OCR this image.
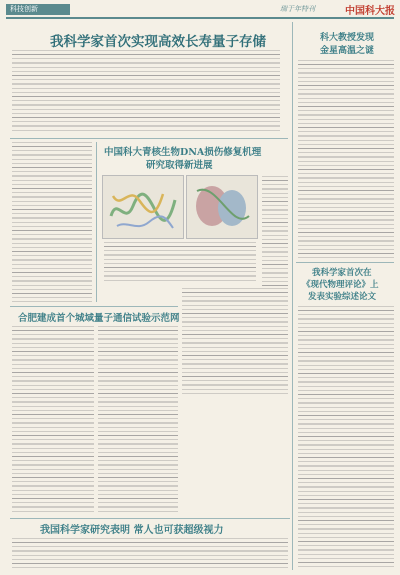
科技创新	9	瑞于年特刊	中国科大报
我科学家首次实现高效长寿量子存储
中国科大青核生物DNA损伤修复机理
研究取得新进展
合肥建成首个城域量子通信试验示范网
我国科学家研究表明 常人也可获超级视力
科大教授发现
金星高温之谜
我科学家首次在
《现代物理评论》上
发表实验综述论文
